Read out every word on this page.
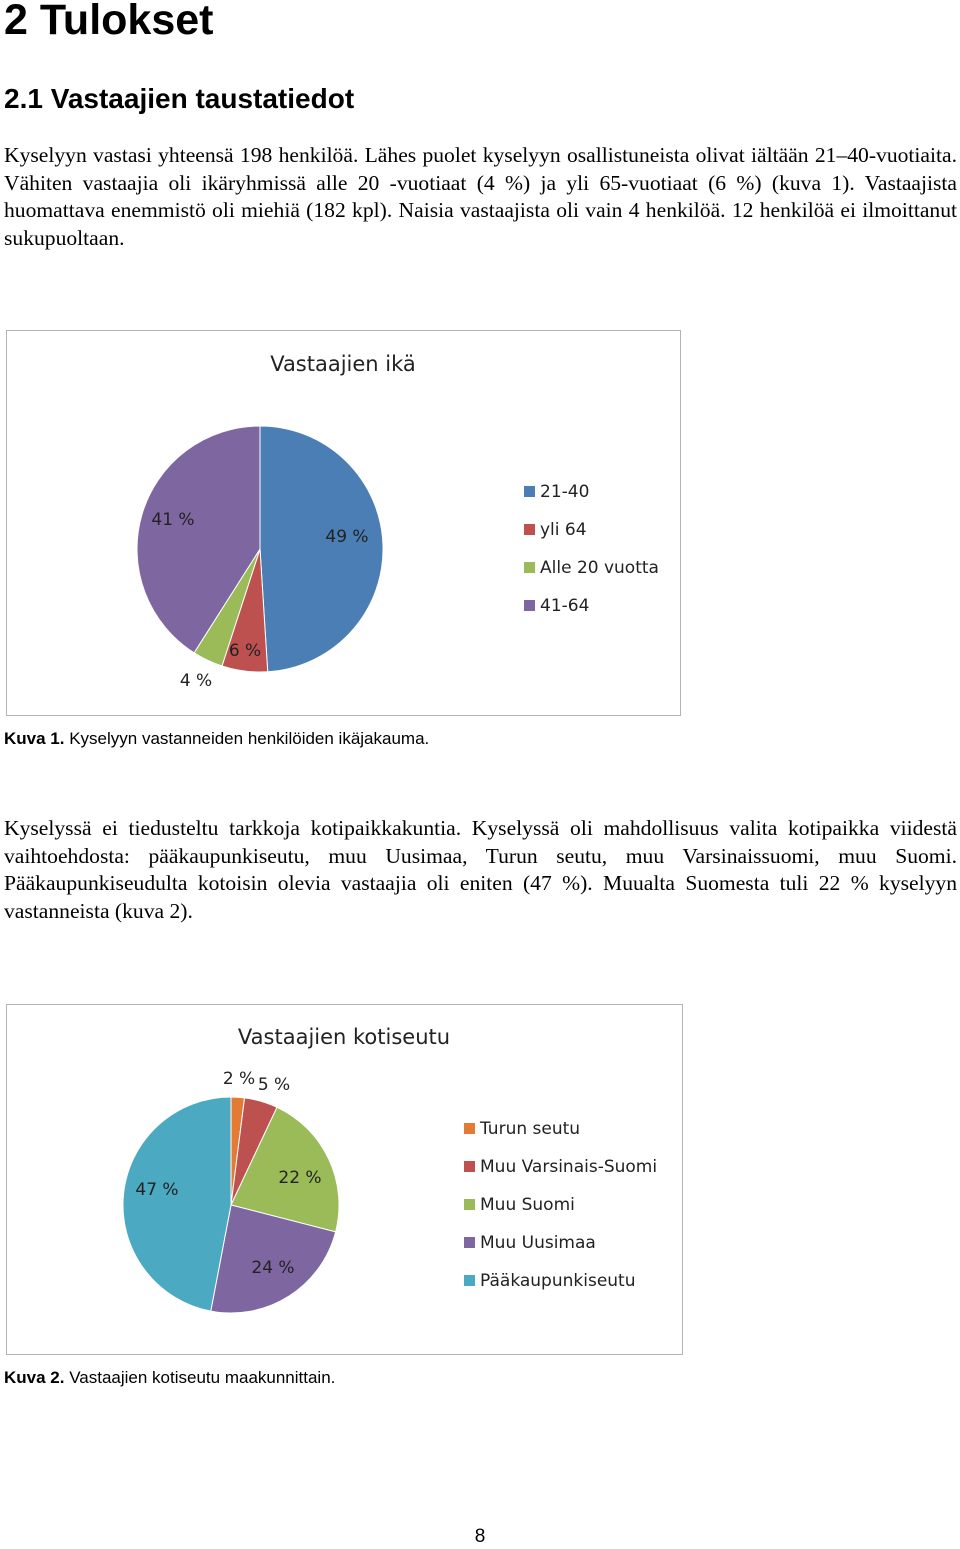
2 Tulokset
2.1 Vastaajien taustatiedot

Kyselyyn vastasi yhteensä 198 henkilöä. Lähes puolet kyselyyn osallistuneista olivat iältään 21–40-vuotiaita. Vähiten vastaajia oli ikäryhmissä alle 20 -vuotiaat (4 %) ja yli 65-vuotiaat (6 %) (kuva 1). Vastaajista huomattava enemmistö oli miehiä (182 kpl). Naisia vastaajista oli vain 4 henkilöä. 12 henkilöä ei ilmoittanut sukupuoltaan.

Vastaajien ikä
49 %
6 %
4 %
41 %
21-40
yli 64
Alle 20 vuotta
41-64

Kuva 1. Kyselyyn vastanneiden henkilöiden ikäjakauma.

Kyselyssä ei tiedusteltu tarkkoja kotipaikkakuntia. Kyselyssä oli mahdollisuus valita kotipaikka viidestä vaihtoehdosta: pääkaupunkiseutu, muu Uusimaa, Turun seutu, muu Varsinaissuomi, muu Suomi. Pääkaupunkiseudulta kotoisin olevia vastaajia oli eniten (47 %). Muualta Suomesta tuli 22 % kyselyyn vastanneista (kuva 2).

Vastaajien kotiseutu
2 % 5 %
22 %
24 %
47 %
Turun seutu
Muu Varsinais-Suomi
Muu Suomi
Muu Uusimaa
Pääkaupunkiseutu

Kuva 2. Vastaajien kotiseutu maakunnittain.

8
